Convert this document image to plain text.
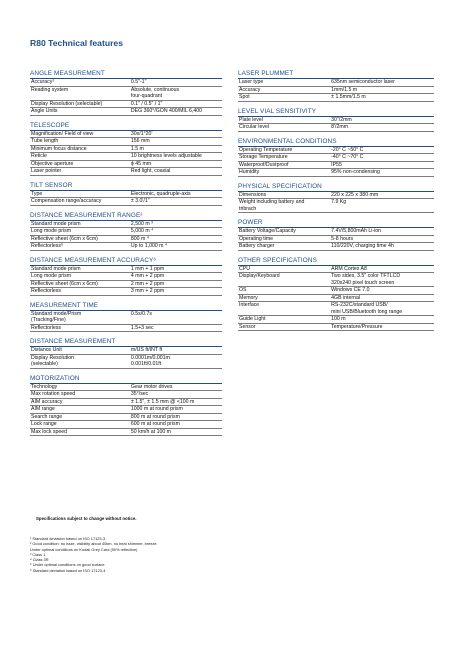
R80 Technical features
ANGLE MEASUREMENT
Accuracy¹	0.5"-1"
Reading system	Absolute, continuous
four-quadrant
Display Resolution (selectable)	0.1" / 0.5" / 1"
Angle Units	DEG 360°/GON 400/MIL 6,400
TELESCOPE
Magnification/ Field of view	30x/1°20'
Tube length	156 mm
Minimum focus distance	1.5 m
Reticle	10 brightness levels adjustable
Objective aperture	ϕ 45 mm
Laser pointer	Red light, coaxial
TILT SENSOR
Type	Electronic, quadruple-axis
Compensation range/accuracy	± 3.0'/1"
DISTANCE MEASUREMENT RANGE²
Standard mode prism	2,500 m ³
Long mode prism	5,000 m ⁴
Reflective sheet (6cm x 6cm)	800 m ⁴
Reflectorless⁵	Up to 1,000 m ⁴
DISTANCE MEASUREMENT ACCURACY⁶
Standard mode prism	1 mm + 1 ppm
Long mode prism	4 mm + 2 ppm
Reflective sheet (6cm x 6cm)	2 mm + 2 ppm
Reflectorless	3 mm + 2 ppm
MEASUREMENT TIME
Standard mode/Prism
(Tracking/Fine)	0.5s/0.7s
Reflectorless	1.5+3 sec
DISTANCE MEASUREMENT
Distance Unit	m/US ft/INT ft
Display Resolution
(selectable)	0.0001m/0.001m
0.001ft/0.01ft
MOTORIZATION
Technology	Gear motor drives
Max rotation speed	35°/sec
AIM accuracy	± 1.5", ± 1.5 mm @ <100 m
AIM range	1000 m at round prism
Search range	800 m at round prism
Lock range	600 m at round prism
Max lock speed	50 km/h at 100 m
LASER PLUMMET
Laser type	635nm semiconductor laser
Accuracy	1mm/1.5 m
Spot	± 1.5mm/1.5 m
LEVEL VIAL SENSITIVITY
Plate level	30"/2mm
Circular level	8'/2mm
ENVIRONMENTAL CONDITIONS
Operating Temperature	-20° C ~50° C
Storage Temperature	-40° C ~70° C
Waterproof/Dustproof	IP55
Humidity	95% non-condensing
PHYSICAL SPECIFICATION
Dimensions	220 x 225 x 380 mm
Weight including battery and
tribrach	7.9 Kg
POWER
Battery Voltage/Capacity	7.4V/5,800mAh Li-ion
Operating time	5-8 hours
Battery charger	110/220V, charging time 4h
OTHER SPECIFICATIONS
CPU	ARM Cortex A8
Display/Keyboard	Two sides, 3.5" color TFTLCD
320x240 pixel touch screen
OS	Windows CE 7.0
Memory	4GB internal
Interface	RS-232C/standard USB/
mini USB/Bluetooth long range
Guide Light	100 m
Sensor	Temperature/Pressure
Specifications subject to change without notice.
¹ Standard deviation based on ISO 17123-3
² Good condition: no haze, visibility about 40km, no heat shimmer, breeze.
Under optimal conditions on Kodak Grey Card (90% reflective)
³ Class 1
⁴ Class 3R
⁵ Under optimal conditions on good surface
⁶ Standard deviation based on ISO 17123-4
